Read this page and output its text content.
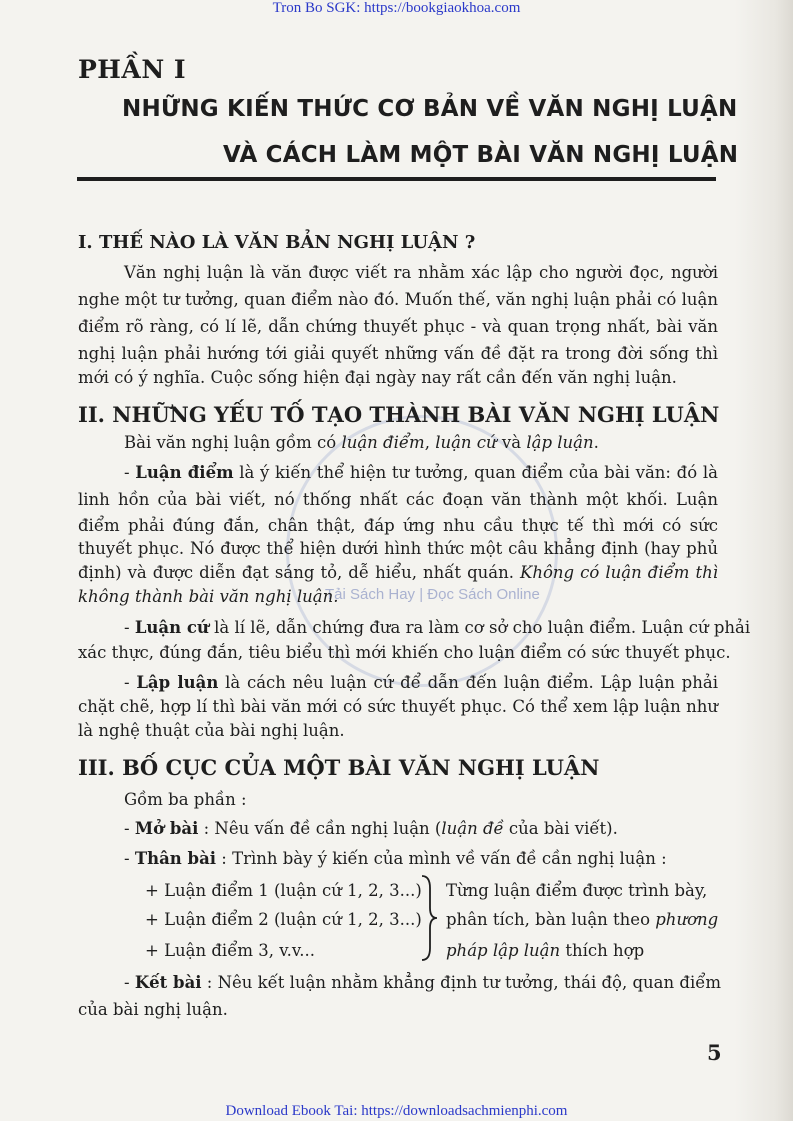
Tron Bo SGK: https://bookgiaokhoa.com
PHẦN I
NHỮNG KIẾN THỨC CƠ BẢN VỀ VĂN NGHỊ LUẬN
VÀ CÁCH LÀM MỘT BÀI VĂN NGHỊ LUẬN
Tải Sách Hay | Đọc Sách Online
I. THẾ NÀO LÀ VĂN BẢN NGHỊ LUẬN ?
Văn nghị luận là văn được viết ra nhằm xác lập cho người đọc, người
nghe một tư tưởng, quan điểm nào đó. Muốn thế, văn nghị luận phải có luận
điểm rõ ràng, có lí lẽ, dẫn chứng thuyết phục - và quan trọng nhất, bài văn
nghị luận phải hướng tới giải quyết những vấn đề đặt ra trong đời sống thì
mới có ý nghĩa. Cuộc sống hiện đại ngày nay rất cần đến văn nghị luận.
II. NHỮNG YẾU TỐ TẠO THÀNH BÀI VĂN NGHỊ LUẬN
Bài văn nghị luận gồm có luận điểm, luận cứ và lập luận.
- Luận điểm là ý kiến thể hiện tư tưởng, quan điểm của bài văn: đó là
linh hồn của bài viết, nó thống nhất các đoạn văn thành một khối. Luận
điểm phải đúng đắn, chân thật, đáp ứng nhu cầu thực tế thì mới có sức
thuyết phục. Nó được thể hiện dưới hình thức một câu khẳng định (hay phủ
định) và được diễn đạt sáng tỏ, dễ hiểu, nhất quán. Không có luận điểm thì
không thành bài văn nghị luận.
- Luận cứ là lí lẽ, dẫn chứng đưa ra làm cơ sở cho luận điểm. Luận cứ phải
xác thực, đúng đắn, tiêu biểu thì mới khiến cho luận điểm có sức thuyết phục.
- Lập luận là cách nêu luận cứ để dẫn đến luận điểm. Lập luận phải
chặt chẽ, hợp lí thì bài văn mới có sức thuyết phục. Có thể xem lập luận như
là nghệ thuật của bài nghị luận.
III. BỐ CỤC CỦA MỘT BÀI VĂN NGHỊ LUẬN
Gồm ba phần :
- Mở bài : Nêu vấn đề cần nghị luận (luận đề của bài viết).
- Thân bài : Trình bày ý kiến của mình về vấn đề cần nghị luận :
+ Luận điểm 1 (luận cứ 1, 2, 3...)
+ Luận điểm 2 (luận cứ 1, 2, 3...)
+ Luận điểm 3, v.v...
Từng luận điểm được trình bày,
phân tích, bàn luận theo phương
pháp lập luận thích hợp
- Kết bài : Nêu kết luận nhằm khẳng định tư tưởng, thái độ, quan điểm
của bài nghị luận.
5
Download Ebook Tai: https://downloadsachmienphi.com
